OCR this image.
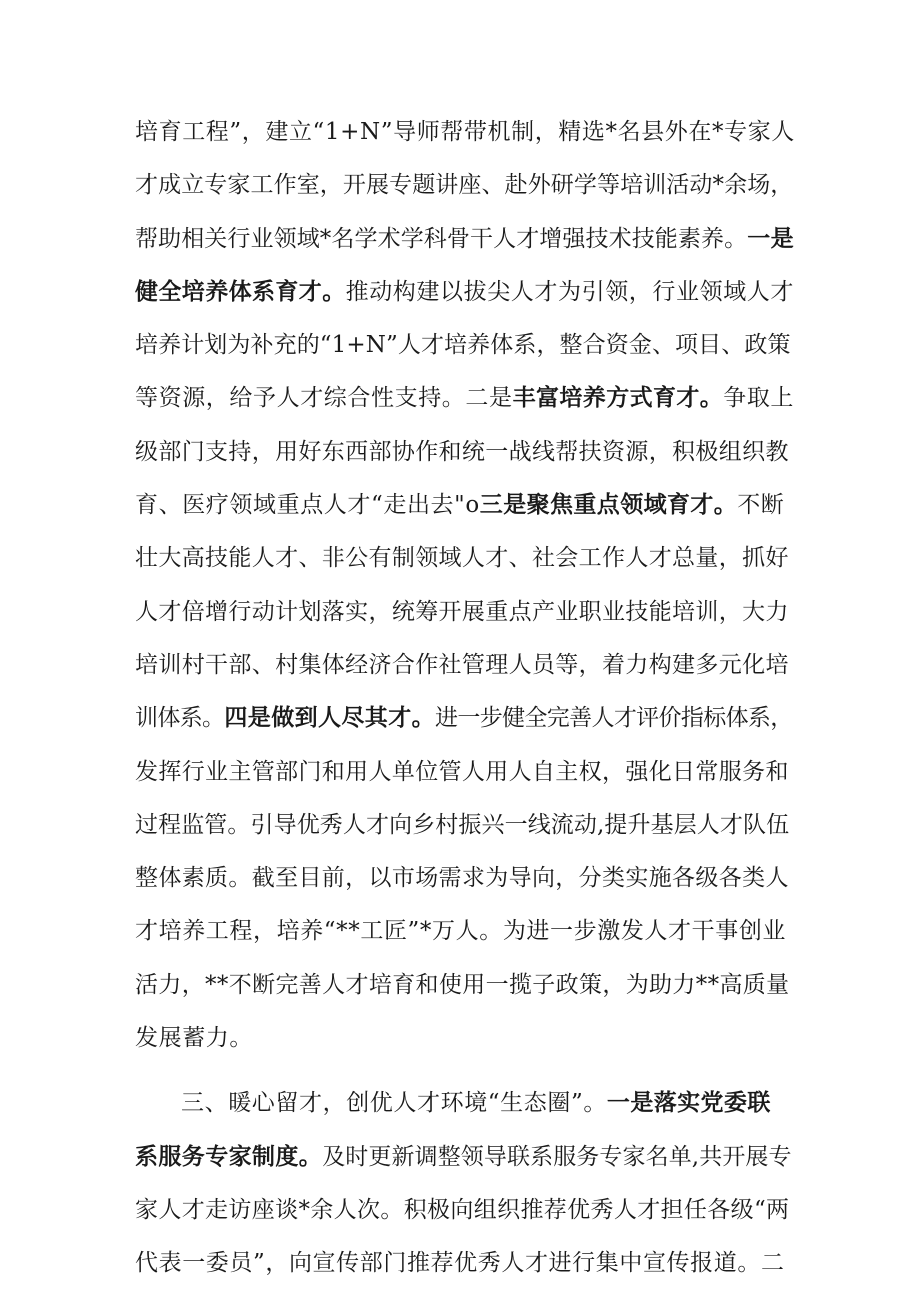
培育工程”，建立“1+N”导师帮带机制，精选*名县外在*专家人
才成立专家工作室，开展专题讲座、赴外研学等培训活动*余场，
帮助相关行业领域*名学术学科骨干人才增强技术技能素养。一是
健全培养体系育才。推动构建以拔尖人才为引领，行业领域人才
培养计划为补充的“1+N”人才培养体系，整合资金、项目、政策
等资源，给予人才综合性支持。二是丰富培养方式育才。争取上
级部门支持，用好东西部协作和统一战线帮扶资源，积极组织教
育、医疗领域重点人才“走出去"o三是聚焦重点领域育才。不断
壮大高技能人才、非公有制领域人才、社会工作人才总量，抓好
人才倍增行动计划落实，统筹开展重点产业职业技能培训，大力
培训村干部、村集体经济合作社管理人员等，着力构建多元化培
训体系。四是做到人尽其才。进一步健全完善人才评价指标体系，
发挥行业主管部门和用人单位管人用人自主权，强化日常服务和
过程监管。引导优秀人才向乡村振兴一线流动,提升基层人才队伍
整体素质。截至目前，以市场需求为导向，分类实施各级各类人
才培养工程，培养“**工匠”*万人。为进一步激发人才干事创业
活力，**不断完善人才培育和使用一揽子政策，为助力**高质量
发展蓄力。
三、暖心留才，创优人才环境“生态圈”。一是落实党委联
系服务专家制度。及时更新调整领导联系服务专家名单,共开展专
家人才走访座谈*余人次。积极向组织推荐优秀人才担任各级“两
代表一委员”，向宣传部门推荐优秀人才进行集中宣传报道。二
